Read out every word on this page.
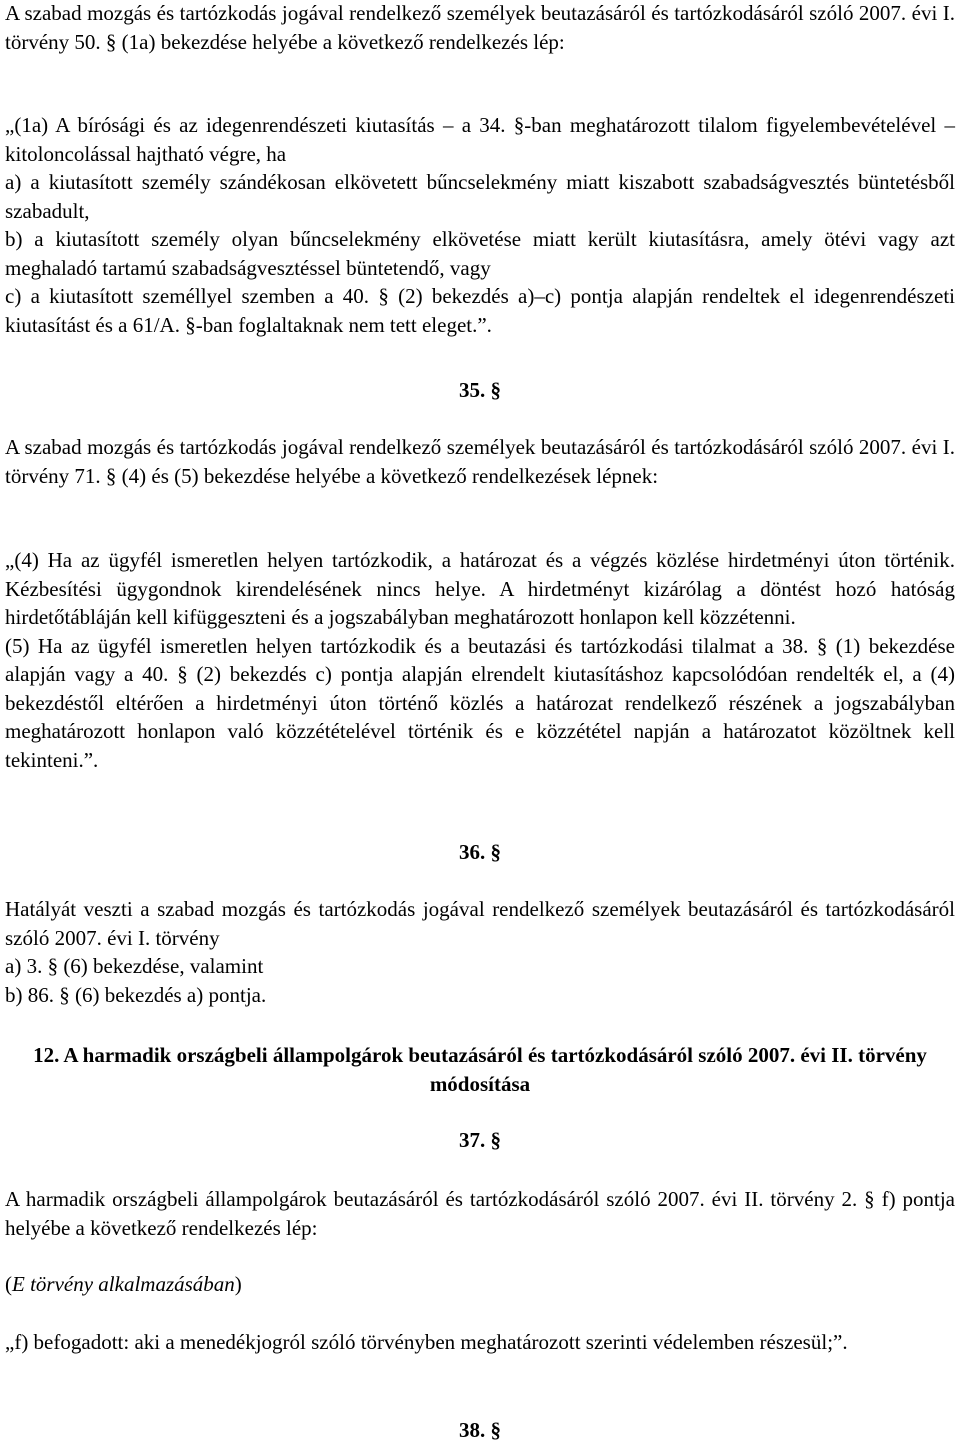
A szabad mozgás és tartózkodás jogával rendelkező személyek beutazásáról és tartózkodásáról szóló 2007. évi I. törvény 50. § (1a) bekezdése helyébe a következő rendelkezés lép:

„(1a) A bírósági és az idegenrendészeti kiutasítás – a 34. §-ban meghatározott tilalom figyelembevételével – kitoloncolással hajtható végre, ha

a) a kiutasított személy szándékosan elkövetett bűncselekmény miatt kiszabott szabadságvesztés büntetésből szabadult,

b) a kiutasított személy olyan bűncselekmény elkövetése miatt került kiutasításra, amely ötévi vagy azt meghaladó tartamú szabadságvesztéssel büntetendő, vagy

c) a kiutasított személlyel szemben a 40. § (2) bekezdés a)–c) pontja alapján rendeltek el idegenrendészeti kiutasítást és a 61/A. §-ban foglaltaknak nem tett eleget.”.

35. §

A szabad mozgás és tartózkodás jogával rendelkező személyek beutazásáról és tartózkodásáról szóló 2007. évi I. törvény 71. § (4) és (5) bekezdése helyébe a következő rendelkezések lépnek:

„(4) Ha az ügyfél ismeretlen helyen tartózkodik, a határozat és a végzés közlése hirdetményi úton történik. Kézbesítési ügygondnok kirendelésének nincs helye. A hirdetményt kizárólag a döntést hozó hatóság hirdetőtábláján kell kifüggeszteni és a jogszabályban meghatározott honlapon kell közzétenni.

(5) Ha az ügyfél ismeretlen helyen tartózkodik és a beutazási és tartózkodási tilalmat a 38. § (1) bekezdése alapján vagy a 40. § (2) bekezdés c) pontja alapján elrendelt kiutasításhoz kapcsolódóan rendelték el, a (4) bekezdéstől eltérően a hirdetményi úton történő közlés a határozat rendelkező részének a jogszabályban meghatározott honlapon való közzétételével történik és e közzététel napján a határozatot közöltnek kell tekinteni.”.

36. §

Hatályát veszti a szabad mozgás és tartózkodás jogával rendelkező személyek beutazásáról és tartózkodásáról szóló 2007. évi I. törvény

a) 3. § (6) bekezdése, valamint

b) 86. § (6) bekezdés a) pontja.

12. A harmadik országbeli állampolgárok beutazásáról és tartózkodásáról szóló 2007. évi II. törvény módosítása

37. §

A harmadik országbeli állampolgárok beutazásáról és tartózkodásáról szóló 2007. évi II. törvény 2. § f) pontja helyébe a következő rendelkezés lép:

(E törvény alkalmazásában)

„f) befogadott: aki a menedékjogról szóló törvényben meghatározott szerinti védelemben részesül;”.

38. §
